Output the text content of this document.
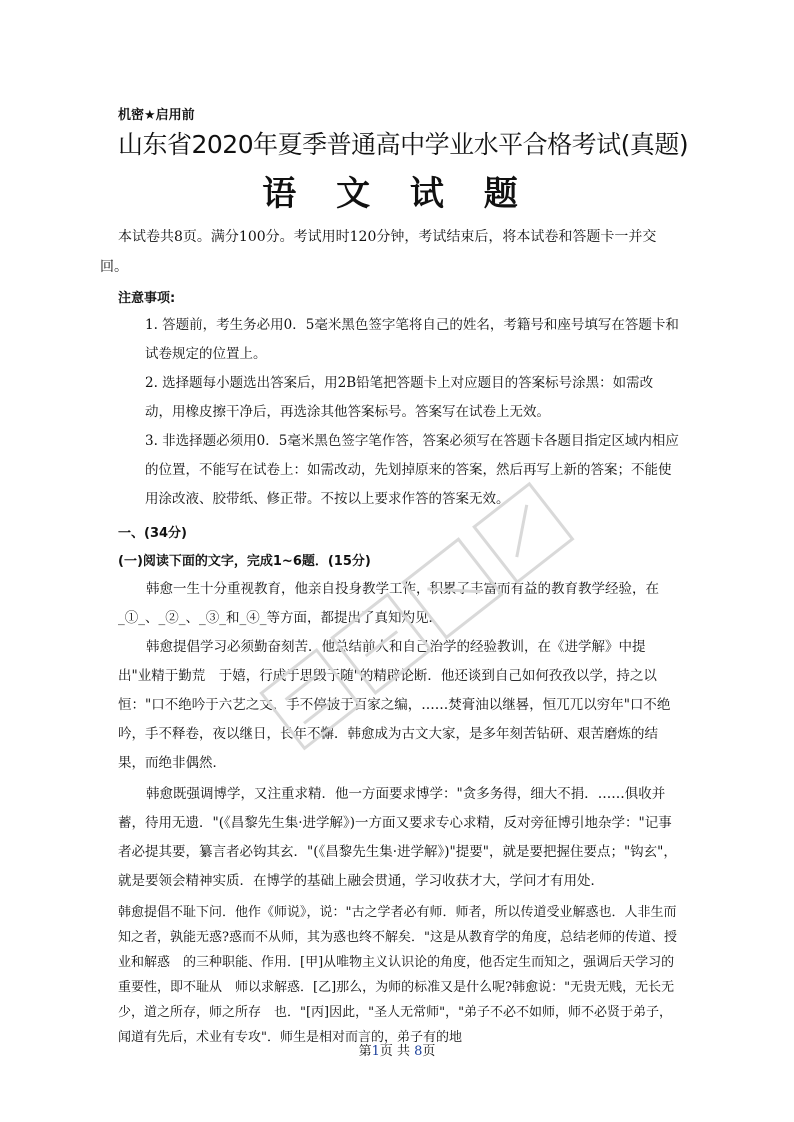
机密★启用前
山东省2020年夏季普通高中学业水平合格考试(真题)
语 文 试 题
本试卷共8页。满分100分。考试用时120分钟，考试结束后，将本试卷和答题卡一并交
回。
注意事项:

1. 答题前，考生务必用0．5毫米黑色签字笔将自己的姓名，考籍号和座号填写在答题卡和试卷规定的位置上。

2. 选择题每小题选出答案后，用2B铅笔把答题卡上对应题目的答案标号涂黑：如需改动，用橡皮擦干净后，再选涂其他答案标号。答案写在试卷上无效。

3. 非选择题必须用0．5毫米黑色签字笔作答，答案必须写在答题卡各题目指定区域内相应的位置，不能写在试卷上：如需改动，先划掉原来的答案，然后再写上新的答案；不能使用涂改液、胶带纸、修正带。不按以上要求作答的答案无效。

一、(34分)
(一)阅读下面的文字，完成1~6题．(15分)
韩愈一生十分重视教育，他亲自投身教学工作，积累了丰富而有益的教育教学经验，在_①_、_②_、_③_和_④_等方面，都提出了真知灼见．
韩愈提倡学习必须勤奋刻苦．他总结前人和自己治学的经验教训，在《进学解》中提出"业精于勤荒　于嬉，行成于思毁于随"的精辟论断．他还谈到自己如何孜孜以学，持之以恒："口不绝吟于六艺之文，手不停披于百家之编，……焚膏油以继晷，恒兀兀以穷年"口不绝吟，手不释卷，夜以继日，长年不懈．韩愈成为古文大家，是多年刻苦钻研、艰苦磨炼的结果，而绝非偶然．
韩愈既强调博学，又注重求精．他一方面要求博学："贪多务得，细大不捐．……俱收并蓄，待用无遗．"(《昌黎先生集·进学解》)一方面又要求专心求精，反对旁征博引地杂学："记事者必提其要，纂言者必钩其玄．"(《昌黎先生集·进学解》)"提要"，就是要把握住要点；"钩玄"，就是要领会精神实质．在博学的基础上融会贯通，学习收获才大，学问才有用处．
韩愈提倡不耻下问．他作《师说》，说："古之学者必有师．师者，所以传道受业解惑也．人非生而知之者，孰能无惑?惑而不从师，其为惑也终不解矣．"这是从教育学的角度，总结老师的传道、授业和解惑　的三种职能、作用．[甲]从唯物主义认识论的角度，他否定生而知之，强调后天学习的重要性，即不耻从　师以求解惑．[乙]那么，为师的标准又是什么呢?韩愈说："无贵无贱，无长无少，道之所存，师之所存　也．"[丙]因此，"圣人无常师"，"弟子不必不如师，师不必贤于弟子，闻道有先后，术业有专攻"．师生是相对而言的，弟子有的地
第1页 共 8页
